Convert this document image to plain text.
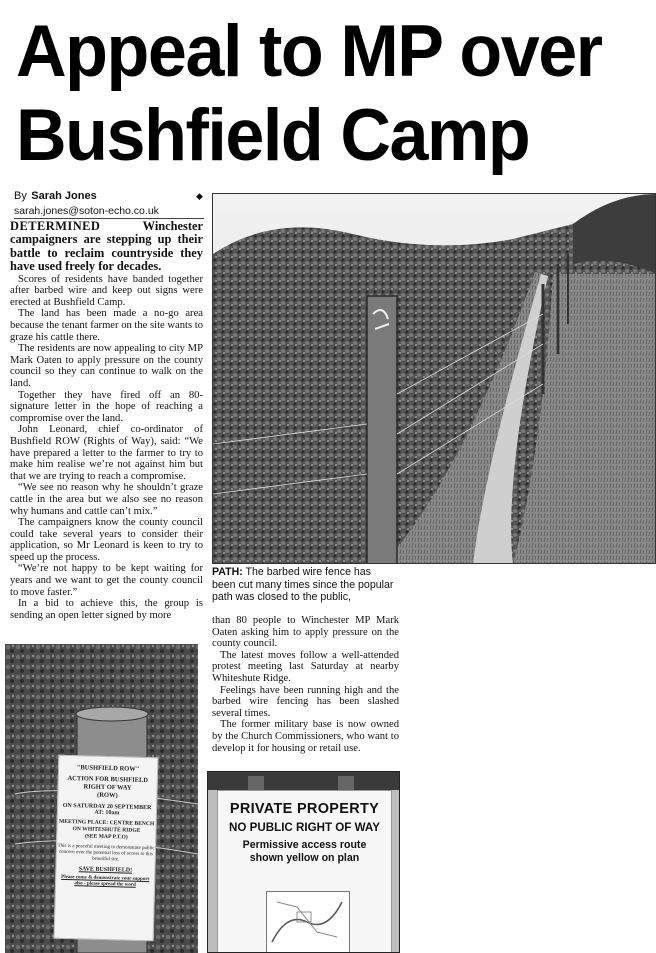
Appeal to MP over
Bushfield Camp
By Sarah Jones
sarah.jones@soton-echo.co.uk
◆

DETERMINED Winchester campaigners are stepping up their battle to reclaim countryside they have used freely for decades.

Scores of residents have banded together after barbed wire and keep out signs were erected at Bushfield Camp.

The land has been made a no-go area because the tenant farmer on the site wants to graze his cattle there.

The residents are now appealing to city MP Mark Oaten to apply pressure on the county council so they can continue to walk on the land.

Together they have fired off an 80-signature letter in the hope of reaching a compromise over the land.

John Leonard, chief co-ordinator of Bushfield ROW (Rights of Way), said: “We have prepared a letter to the farmer to try to make him realise we’re not against him but that we are trying to reach a compromise.

“We see no reason why he shouldn’t graze cattle in the area but we also see no reason why humans and cattle can’t mix.”

The campaigners know the county council could take several years to consider their application, so Mr Leonard is keen to try to speed up the process.

“We’re not happy to be kept waiting for years and we want to get the county council to move faster.”

In a bid to achieve this, the group is sending an open letter signed by more

PATH: The barbed wire fence has been cut many times since the popular path was closed to the public,

than 80 people to Winchester MP Mark Oaten asking him to apply pressure on the county council.

The latest moves follow a well-attended protest meeting last Saturday at nearby Whiteshute Ridge.

Feelings have been running high and the barbed wire fencing has been slashed several times.

The former military base is now owned by the Church Commissioners, who want to develop it for housing or retail use.

"BUSHFIELD ROW"
ACTION FOR BUSHFIELD
RIGHT OF WAY
(ROW)
ON SATURDAY 20 SEPTEMBER
AT: 10am
MEETING PLACE: CENTRE BENCH
ON WHITESHUTE RIDGE
(SEE MAP P.T.O)
This is a peaceful meeting to demonstrate public concern over the potential loss of access to this beautiful site.
SAVE BUSHFIELD!
Please come & demonstrate your support
also - please spread the word
PRIVATE PROPERTY
NO PUBLIC RIGHT OF WAY
Permissive access route
shown yellow on plan
